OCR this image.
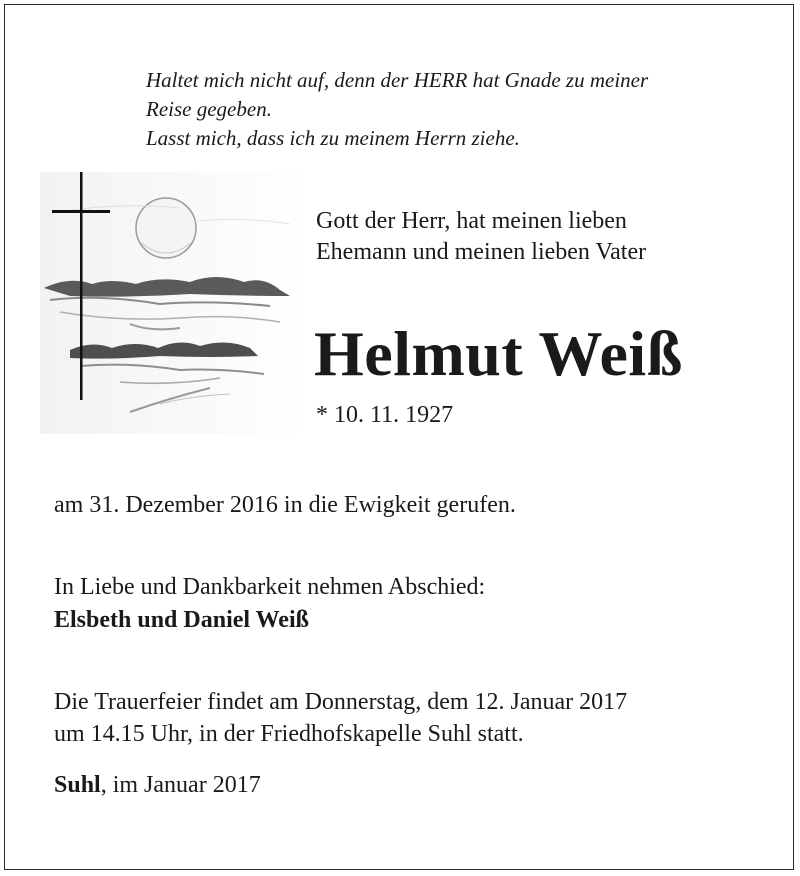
Haltet mich nicht auf, denn der HERR hat Gnade zu meiner
Reise gegeben.
Lasst mich, dass ich zu meinem Herrn ziehe.
Gott der Herr, hat meinen lieben
Ehemann und meinen lieben Vater
Helmut Weiß
* 10. 11. 1927
am 31. Dezember 2016 in die Ewigkeit gerufen.
In Liebe und Dankbarkeit nehmen Abschied:
Elsbeth und Daniel Weiß
Die Trauerfeier findet am Donnerstag, dem 12. Januar 2017
um 14.15 Uhr, in der Friedhofskapelle Suhl statt.
Suhl, im Januar 2017
